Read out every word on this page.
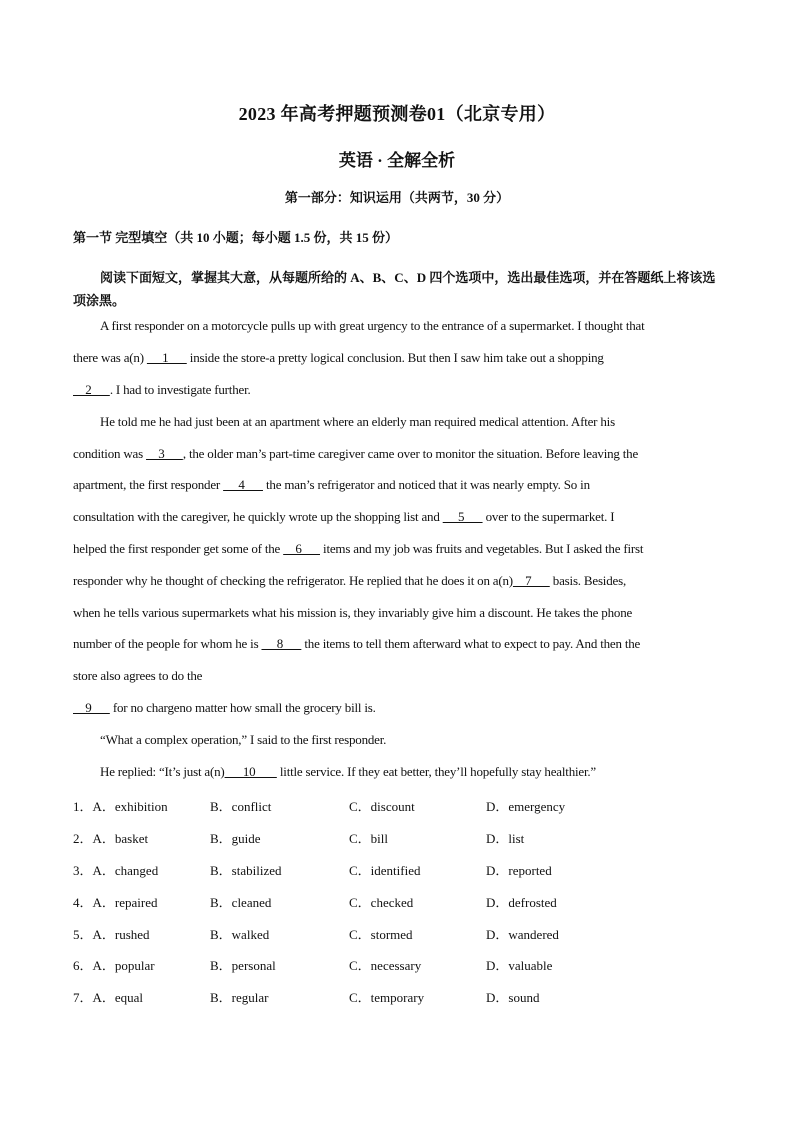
2023 年高考押题预测卷01（北京专用）
英语 · 全解全析
第一部分：知识运用（共两节，30 分）
第一节 完型填空（共 10 小题；每小题 1.5 份，共 15 份）
阅读下面短文，掌握其大意，从每题所给的 A、B、C、D 四个选项中，选出最佳选项，并在答题纸上将该选项涂黑。
A first responder on a motorcycle pulls up with great urgency to the entrance of a supermarket. I thought that
there was a(n)      1       inside the store-a pretty logical conclusion. But then I saw him take out a shopping
2      . I had to investigate further.
He told me he had just been at an apartment where an elderly man required medical attention. After his
condition was     3      , the older man’s part-time caregiver came over to monitor the situation. Before leaving the
apartment, the first responder      4       the man’s refrigerator and noticed that it was nearly empty. So in
consultation with the caregiver, he quickly wrote up the shopping list and      5       over to the supermarket. I
helped the first responder get some of the     6       items and my job was fruits and vegetables. But I asked the first
responder why he thought of checking the refrigerator. He replied that he does it on a(n)    7       basis. Besides,
when he tells various supermarkets what his mission is, they invariably give him a discount. He takes the phone
number of the people for whom he is      8       the items to tell them afterward what to expect to pay. And then the
store also agrees to do the
9       for no chargeno matter how small the grocery bill is.
“What a complex operation,” I said to the first responder.
He replied: “It’s just a(n)      10        little service. If they eat better, they’ll hopefully stay healthier.”
1．A．exhibition	B．conflict	C．discount	D．emergency
2．A．basket	B．guide	C．bill	D．list
3．A．changed	B．stabilized	C．identified	D．reported
4．A．repaired	B．cleaned	C．checked	D．defrosted
5．A．rushed	B．walked	C．stormed	D．wandered
6．A．popular	B．personal	C．necessary	D．valuable
7．A．equal	B．regular	C．temporary	D．sound
